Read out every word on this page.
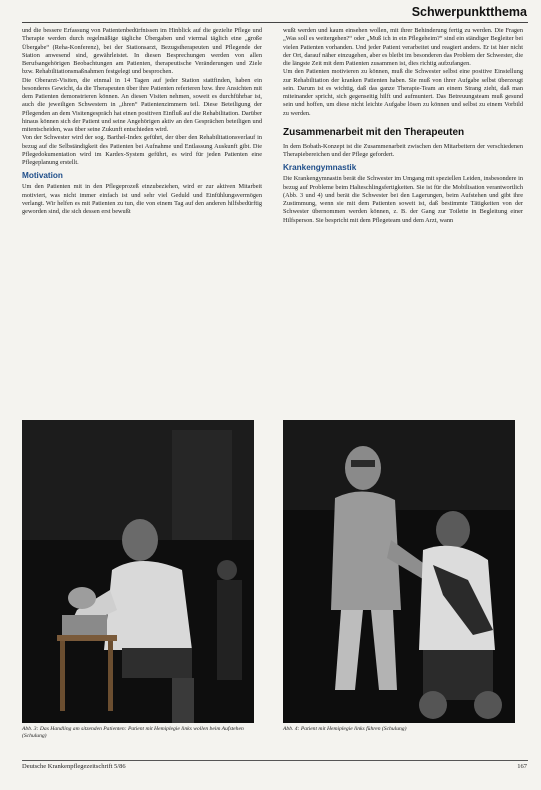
Schwerpunktthema

und die bessere Erfassung von Patientenbedürfnissen im Hinblick auf die gezielte Pflege und Therapie werden durch regelmäßige tägliche Übergaben und viermal täglich eine „große Übergabe“ (Reha-Konferenz), bei der Stationsarzt, Bezugstherapeuten und Pflegende der Station anwesend sind, gewährleistet. In diesen Besprechungen werden von allen Berufsangehörigen Beobachtungen am Patienten, therapeutische Veränderungen und Ziele bzw. Rehabilitationsmaßnahmen festgelegt und besprochen.

Die Oberarzt-Visiten, die einmal in 14 Tagen auf jeder Station stattfinden, haben ein besonderes Gewicht, da die Therapeuten über ihre Patienten referieren bzw. ihre Ansichten mit dem Patienten demonstrieren können. An diesen Visiten nehmen, soweit es durchführbar ist, auch die jeweiligen Schwestern in „ihren“ Patientenzimmern teil. Diese Beteiligung der Pflegenden an dem Visitengespräch hat einen positiven Einfluß auf die Rehabilitation. Darüber hinaus können sich der Patient und seine Angehörigen aktiv an den Gesprächen beteiligen und mitentscheiden, was über seine Zukunft entschieden wird.

Von der Schwester wird der sog. Barthel-Index geführt, der über den Rehabilitationsverlauf in bezug auf die Selbständigkeit des Patienten bei Aufnahme und Entlassung Auskunft gibt. Die Pflegedokumentation wird im Kardex-System geführt, es wird für jeden Patienten eine Pflegeplanung erstellt.

Motivation

Um den Patienten mit in den Pflegeprozeß einzubeziehen, wird er zur aktiven Mitarbeit motiviert, was nicht immer einfach ist und sehr viel Geduld und Einfühlungsvermögen verlangt. Wir helfen es mit Patienten zu tun, die von einem Tag auf den anderen hilfsbedürftig geworden sind, die sich dessen erst bewußt

wußt werden und kaum einsehen wollen, mit ihrer Behinderung fertig zu werden. Die Fragen „Was soll es weitergehen?“ oder „Muß ich in ein Pflegeheim?“ sind ein ständiger Begleiter bei vielen Patienten vorhanden. Und jeder Patient verarbeitet und reagiert anders. Er ist hier nicht der Ort, darauf näher einzugehen, aber es bleibt im besonderen das Problem der Schwester, die die längste Zeit mit dem Patienten zusammen ist, dies richtig aufzufangen.

Um den Patienten motivieren zu können, muß die Schwester selbst eine positive Einstellung zur Rehabilitation der kranken Patienten haben. Sie muß von ihrer Aufgabe selbst überzeugt sein. Darum ist es wichtig, daß das ganze Therapie-Team an einem Strang zieht, daß man miteinander spricht, sich gegenseitig hilft und aufmuntert. Das Betreuungsteam muß gesund sein und hoffen, um diese nicht leichte Aufgabe lösen zu können und selbst zu einem Vorbild zu werden.

Zusammenarbeit mit den Therapeuten

In dem Bobath-Konzept ist die Zusammenarbeit zwischen den Mitarbeitern der verschiedenen Therapiebereichen und der Pflege gefordert.

Krankengymnastik

Die Krankengymnastin berät die Schwester im Umgang mit speziellen Leiden, insbesondere in bezug auf Probleme beim Halteschlingsfertigkeiten. Sie ist für die Mobilisation verantwortlich (Abb. 3 und 4) und berät die Schwester bei den Lagerungen, beim Aufstehen und gibt ihre Zustimmung, wenn sie mit dem Patienten soweit ist, daß bestimmte Tätigkeiten von der Schwester übernommen werden können, z. B. der Gang zur Toilette in Begleitung einer Hilfsperson. Sie bespricht mit dem Pflegeteam und dem Arzt, wann

Abb. 3: Das Handling am sitzenden Patienten: Patient mit Hemiplegie links wollen beim Aufstehen (Schulung)
Abb. 4: Patient mit Hemiplegie links führen (Schulung)
Deutsche Krankenpflegezeitschrift 5/86	167
